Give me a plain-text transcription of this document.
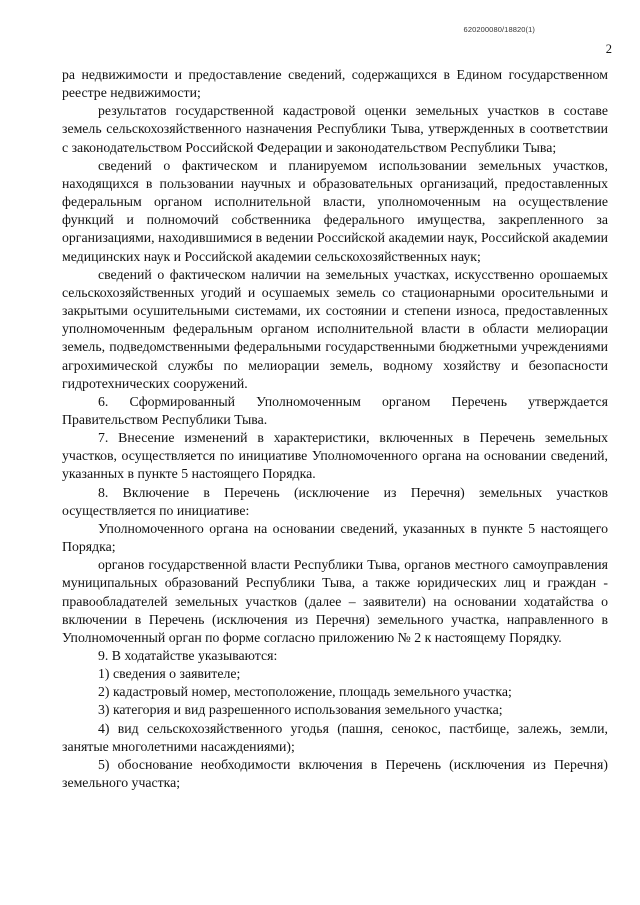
620200080/18820(1)
2

ра недвижимости и предоставление сведений, содержащихся в Едином государственном реестре недвижимости;

результатов государственной кадастровой оценки земельных участков в составе земель сельскохозяйственного назначения Республики Тыва, утвержденных в соответствии с законодательством Российской Федерации и законодательством Республики Тыва;

сведений о фактическом и планируемом использовании земельных участков, находящихся в пользовании научных и образовательных организаций, предоставленных федеральным органом исполнительной власти, уполномоченным на осуществление функций и полномочий собственника федерального имущества, закрепленного за организациями, находившимися в ведении Российской академии наук, Российской академии медицинских наук и Российской академии сельскохозяйственных наук;

сведений о фактическом наличии на земельных участках, искусственно орошаемых сельскохозяйственных угодий и осушаемых земель со стационарными оросительными и закрытыми осушительными системами, их состоянии и степени износа, предоставленных уполномоченным федеральным органом исполнительной власти в области мелиорации земель, подведомственными федеральными государственными бюджетными учреждениями агрохимической службы по мелиорации земель, водному хозяйству и безопасности гидротехнических сооружений.

6. Сформированный Уполномоченным органом Перечень утверждается Правительством Республики Тыва.

7. Внесение изменений в характеристики, включенных в Перечень земельных участков, осуществляется по инициативе Уполномоченного органа на основании сведений, указанных в пункте 5 настоящего Порядка.

8. Включение в Перечень (исключение из Перечня) земельных участков осуществляется по инициативе:

Уполномоченного органа на основании сведений, указанных в пункте 5 настоящего Порядка;

органов государственной власти Республики Тыва, органов местного самоуправления муниципальных образований Республики Тыва, а также юридических лиц и граждан - правообладателей земельных участков (далее – заявители) на основании ходатайства о включении в Перечень (исключения из Перечня) земельного участка, направленного в Уполномоченный орган по форме согласно приложению № 2 к настоящему Порядку.

9. В ходатайстве указываются:

1) сведения о заявителе;

2) кадастровый номер, местоположение, площадь земельного участка;

3) категория и вид разрешенного использования земельного участка;

4) вид сельскохозяйственного угодья (пашня, сенокос, пастбище, залежь, земли, занятые многолетними насаждениями);

5) обоснование необходимости включения в Перечень (исключения из Перечня) земельного участка;
